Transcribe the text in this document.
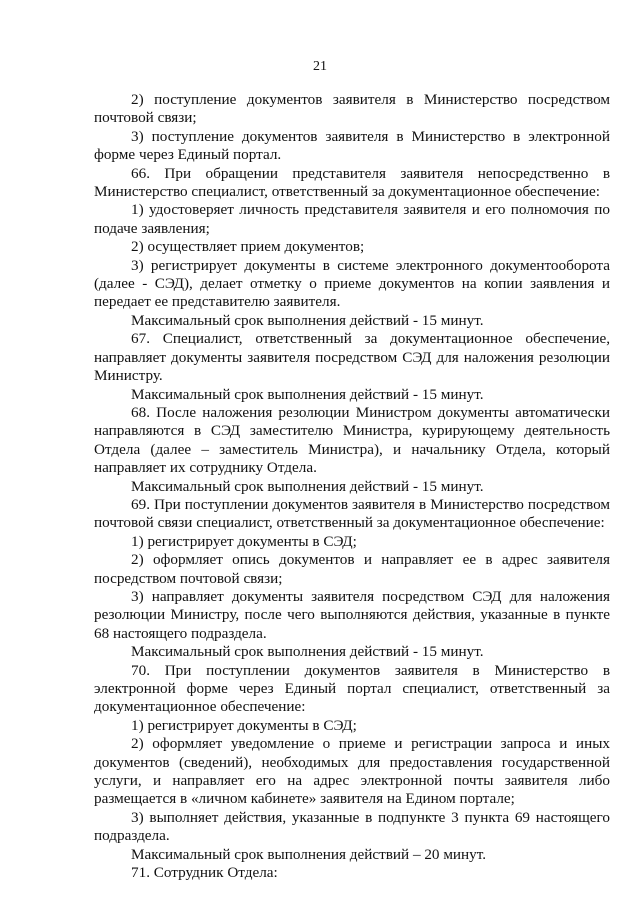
21

2) поступление документов заявителя в Министерство посредством почтовой связи;

3) поступление документов заявителя в Министерство в электронной форме через Единый портал.

66. При обращении представителя заявителя непосредственно в Министерство специалист, ответственный за документационное обеспечение:

1) удостоверяет личность представителя заявителя и его полномочия по подаче заявления;

2) осуществляет прием документов;

3) регистрирует документы в системе электронного документооборота (далее - СЭД), делает отметку о приеме документов на копии заявления и передает ее представителю заявителя.

Максимальный срок выполнения действий - 15 минут.

67. Специалист, ответственный за документационное обеспечение, направляет документы заявителя посредством СЭД для наложения резолюции Министру.

Максимальный срок выполнения действий - 15 минут.

68. После наложения резолюции Министром документы автоматически направляются в СЭД заместителю Министра, курирующему деятельность Отдела (далее – заместитель Министра), и начальнику Отдела, который направляет их сотруднику Отдела.

Максимальный срок выполнения действий - 15 минут.

69. При поступлении документов заявителя в Министерство посредством почтовой связи специалист, ответственный за документационное обеспечение:

1) регистрирует документы в СЭД;

2) оформляет опись документов и направляет ее в адрес заявителя посредством почтовой связи;

3) направляет документы заявителя посредством СЭД для наложения резолюции Министру, после чего выполняются действия, указанные в пункте 68 настоящего подраздела.

Максимальный срок выполнения действий - 15 минут.

70. При поступлении документов заявителя в Министерство в электронной форме через Единый портал специалист, ответственный за документационное обеспечение:

1) регистрирует документы в СЭД;

2) оформляет уведомление о приеме и регистрации запроса и иных документов (сведений), необходимых для предоставления государственной услуги, и направляет его на адрес электронной почты заявителя либо размещается в «личном кабинете» заявителя на Едином портале;

3) выполняет действия, указанные в подпункте 3 пункта 69 настоящего подраздела.

Максимальный срок выполнения действий – 20 минут.

71. Сотрудник Отдела:
